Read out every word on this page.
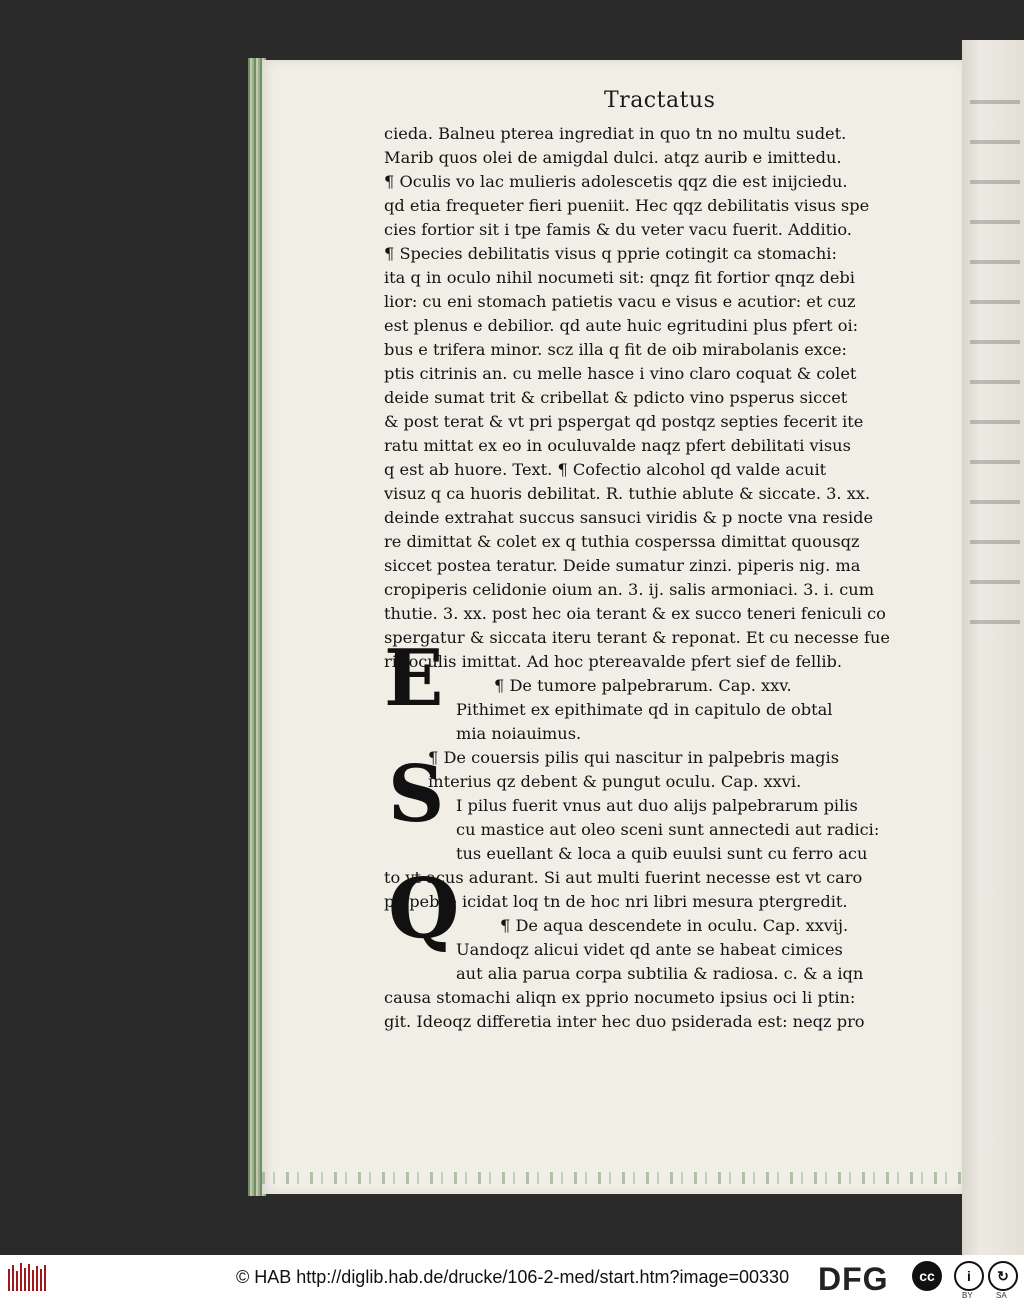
Tractatus
cieda. Balneu pterea ingrediat in quo tn no multu sudet.
Marib quos olei de amigdal dulci. atqz aurib e imittedu.
¶ Oculis vo lac mulieris adolescetis qqz die est inijciedu.
qd etia frequeter fieri pueniit. Hec qqz debilitatis visus spe
cies fortior sit i tpe famis & du veter vacu fuerit. Additio.
¶ Species debilitatis visus q pprie cotingit ca stomachi:
ita q in oculo nihil nocumeti sit: qnqz fit fortior qnqz debi
lior: cu eni stomach patietis vacu e visus e acutior: et cuz
est plenus e debilior. qd aute huic egritudini plus pfert oi:
bus e trifera minor. scz illa q fit de oib mirabolanis exce:
ptis citrinis an. cu melle hasce i vino claro coquat & colet
deide sumat trit & cribellat & pdicto vino psperus siccet
& post terat & vt pri pspergat qd postqz septies fecerit ite
ratu mittat ex eo in oculuvalde naqz pfert debilitati visus
q est ab huore. Text. ¶ Cofectio alcohol qd valde acuit
visuz q ca huoris debilitat. R. tuthie ablute & siccate. 3. xx.
deinde extrahat succus sansuci viridis & p nocte vna reside
re dimittat & colet ex q tuthia cosperssa dimittat quousqz
siccet postea teratur. Deide sumatur zinzi. piperis nig. ma
cropiperis celidonie oium an. 3. ij. salis armoniaci. 3. i. cum
thutie. 3. xx. post hec oia terant & ex succo teneri feniculi co
spergatur & siccata iteru terant & reponat. Et cu necesse fue
rit oculis imittat. Ad hoc ptereavalde pfert sief de fellib.
¶ De tumore palpebrarum. Cap. xxv.
Pithimet ex epithimate qd in capitulo de obtal
mia noiauimus.
¶ De couersis pilis qui nascitur in palpebris magis
interius qz debent & pungut oculu. Cap. xxvi.
I pilus fuerit vnus aut duo alijs palpebrarum pilis
cu mastice aut oleo sceni sunt annectedi aut radici:
tus euellant & loca a quib euulsi sunt cu ferro acu
to vt acus adurant. Si aut multi fuerint necesse est vt caro
palpebre icidat loq tn de hoc nri libri mesura ptergredit.
¶ De aqua descendete in oculu. Cap. xxvij.
Uandoqz alicui videt qd ante se habeat cimices
aut alia parua corpa subtilia & radiosa. c. & a iqn
causa stomachi aliqn ex pprio nocumeto ipsius oci li ptin:
git. Ideoqz differetia inter hec duo psiderada est: neqz pro
E
S
Q
© HAB http://diglib.hab.de/drucke/106-2-med/start.htm?image=00330 DFG	cc	i	↻
BY	SA
